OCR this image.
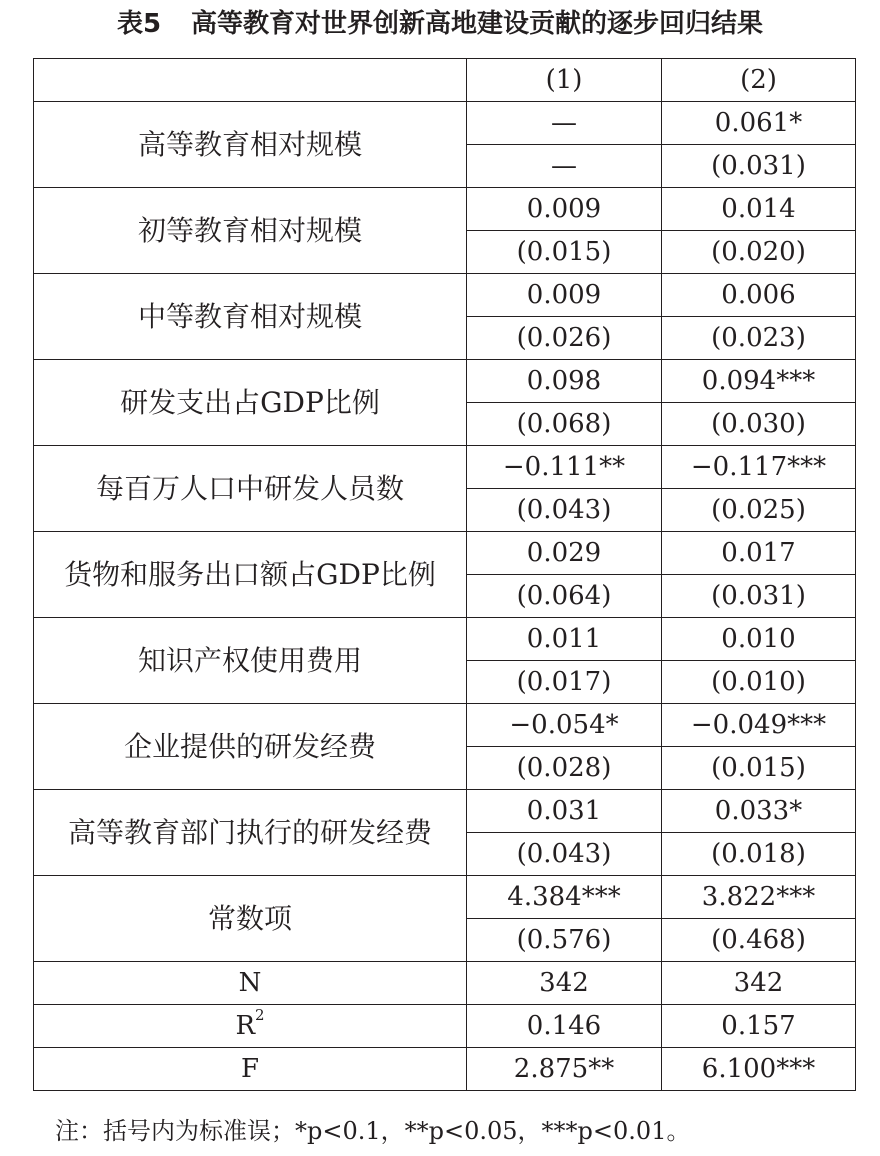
表5 高等教育对世界创新高地建设贡献的逐步回归结果
	(1)	(2)
高等教育相对规模	—	0.061*
	—	(0.031)
初等教育相对规模	0.009	0.014
	(0.015)	(0.020)
中等教育相对规模	0.009	0.006
	(0.026)	(0.023)
研发支出占GDP比例	0.098	0.094***
	(0.068)	(0.030)
每百万人口中研发人员数	−0.111**	−0.117***
	(0.043)	(0.025)
货物和服务出口额占GDP比例	0.029	0.017
	(0.064)	(0.031)
知识产权使用费用	0.011	0.010
	(0.017)	(0.010)
企业提供的研发经费	−0.054*	−0.049***
	(0.028)	(0.015)
高等教育部门执行的研发经费	0.031	0.033*
	(0.043)	(0.018)
常数项	4.384***	3.822***
	(0.576)	(0.468)
N	342	342
$R^2$	0.146	0.157
F	2.875**	6.100***
注：括号内为标准误；*p<0.1，**p<0.05，***p<0.01。
